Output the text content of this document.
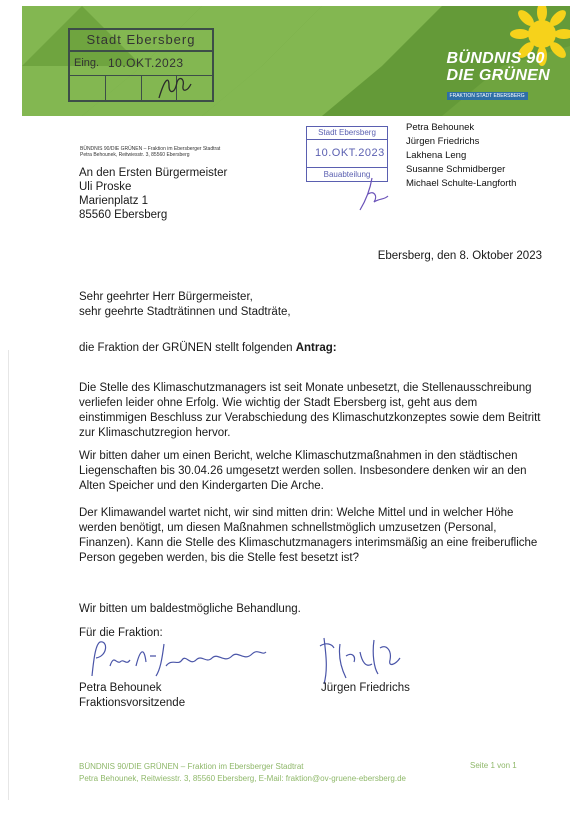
Stadt Ebersberg
Eing. 10.OKT.2023	BÜNDNIS 90
DIE GRÜNEN
FRAKTION STADT EBERSBERG
BÜNDNIS 90/DIE GRÜNEN – Fraktion im Ebersberger Stadtrat
Petra Behounek, Reitwiesstr. 3, 85560 Ebersberg
An den Ersten Bürgermeister
Uli Proske
Marienplatz 1
85560 Ebersberg
Stadt Ebersberg
10.OKT.2023
Bauabteilung
Petra Behounek
Jürgen Friedrichs
Lakhena Leng
Susanne Schmidberger
Michael Schulte-Langforth
Ebersberg, den 8. Oktober 2023
Sehr geehrter Herr Bürgermeister,
sehr geehrte Stadträtinnen und Stadträte,
die Fraktion der GRÜNEN stellt folgenden Antrag:
Die Stelle des Klimaschutzmanagers ist seit Monate unbesetzt, die Stellenausschreibung verliefen leider ohne Erfolg. Wie wichtig der Stadt Ebersberg ist, geht aus dem einstimmigen Beschluss zur Verabschiedung des Klimaschutzkonzeptes sowie dem Beitritt zur Klimaschutzregion hervor.
Wir bitten daher um einen Bericht, welche Klimaschutzmaßnahmen in den städtischen Liegenschaften bis 30.04.26 umgesetzt werden sollen. Insbesondere denken wir an den Alten Speicher und den Kindergarten Die Arche.
Der Klimawandel wartet nicht, wir sind mitten drin: Welche Mittel und in welcher Höhe werden benötigt, um diesen Maßnahmen schnellstmöglich umzusetzen (Personal, Finanzen). Kann die Stelle des Klimaschutzmanagers interimsmäßig an eine freiberufliche Person gegeben werden, bis die Stelle fest besetzt ist?
Wir bitten um baldestmögliche Behandlung.
Für die Fraktion:
Petra Behounek
Fraktionsvorsitzende
Jürgen Friedrichs
BÜNDNIS 90/DIE GRÜNEN – Fraktion im Ebersberger Stadtrat
Petra Behounek, Reitwiesstr. 3, 85560 Ebersberg, E-Mail: fraktion@ov-gruene-ebersberg.de
Seite 1 von 1
